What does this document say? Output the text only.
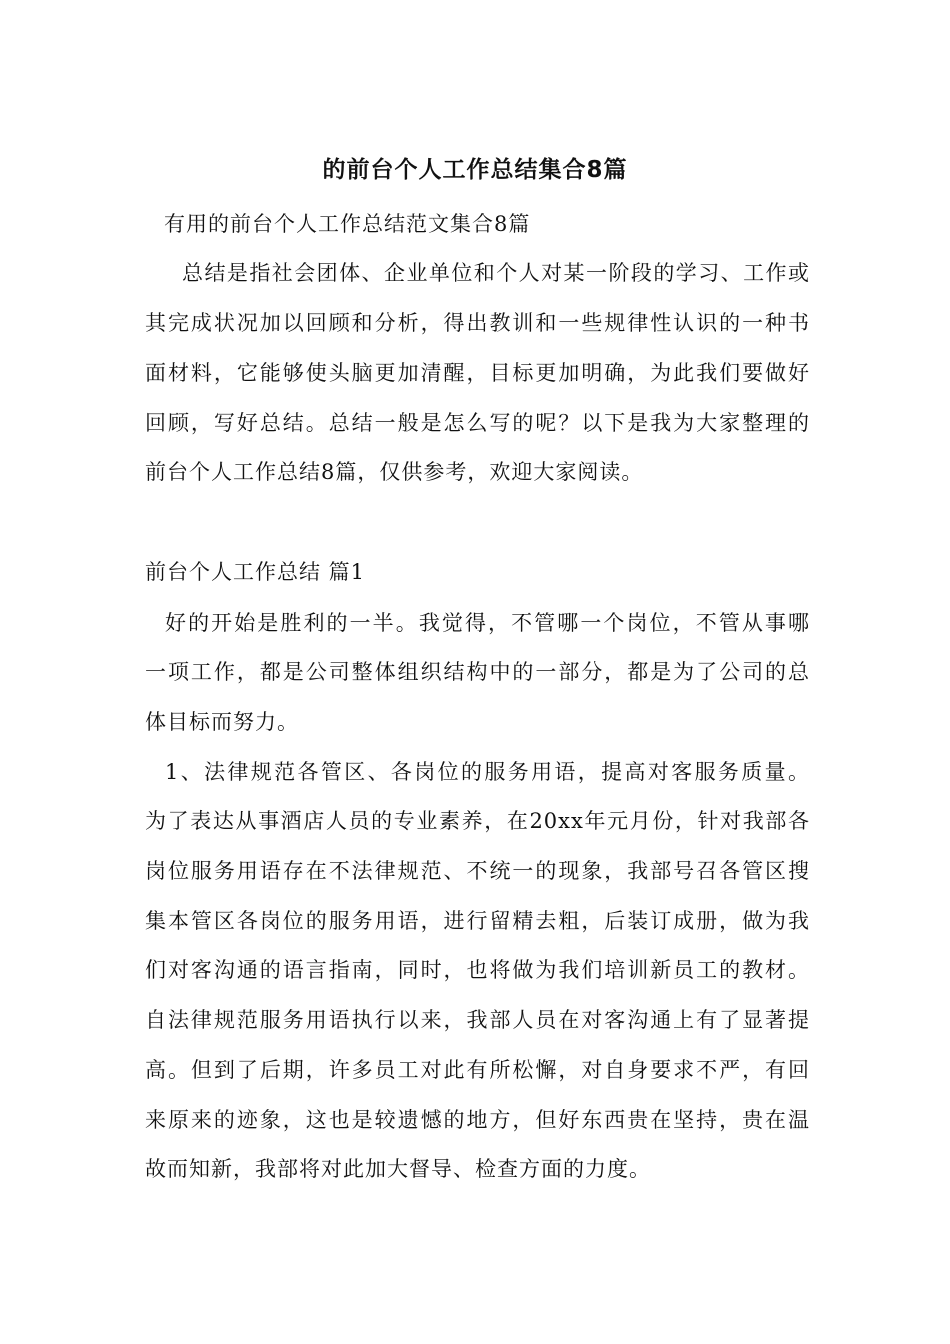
的前台个人工作总结集合8篇
有用的前台个人工作总结范文集合8篇
总结是指社会团体、企业单位和个人对某一阶段的学习、工作或
其完成状况加以回顾和分析，得出教训和一些规律性认识的一种书
面材料，它能够使头脑更加清醒，目标更加明确，为此我们要做好
回顾，写好总结。总结一般是怎么写的呢？以下是我为大家整理的
前台个人工作总结8篇，仅供参考，欢迎大家阅读。
前台个人工作总结 篇1
好的开始是胜利的一半。我觉得，不管哪一个岗位，不管从事哪
一项工作，都是公司整体组织结构中的一部分，都是为了公司的总
体目标而努力。
1、法律规范各管区、各岗位的服务用语，提高对客服务质量。
为了表达从事酒店人员的专业素养，在20xx年元月份，针对我部各
岗位服务用语存在不法律规范、不统一的现象，我部号召各管区搜
集本管区各岗位的服务用语，进行留精去粗，后装订成册，做为我
们对客沟通的语言指南，同时，也将做为我们培训新员工的教材。
自法律规范服务用语执行以来，我部人员在对客沟通上有了显著提
高。但到了后期，许多员工对此有所松懈，对自身要求不严，有回
来原来的迹象，这也是较遗憾的地方，但好东西贵在坚持，贵在温
故而知新，我部将对此加大督导、检查方面的力度。
